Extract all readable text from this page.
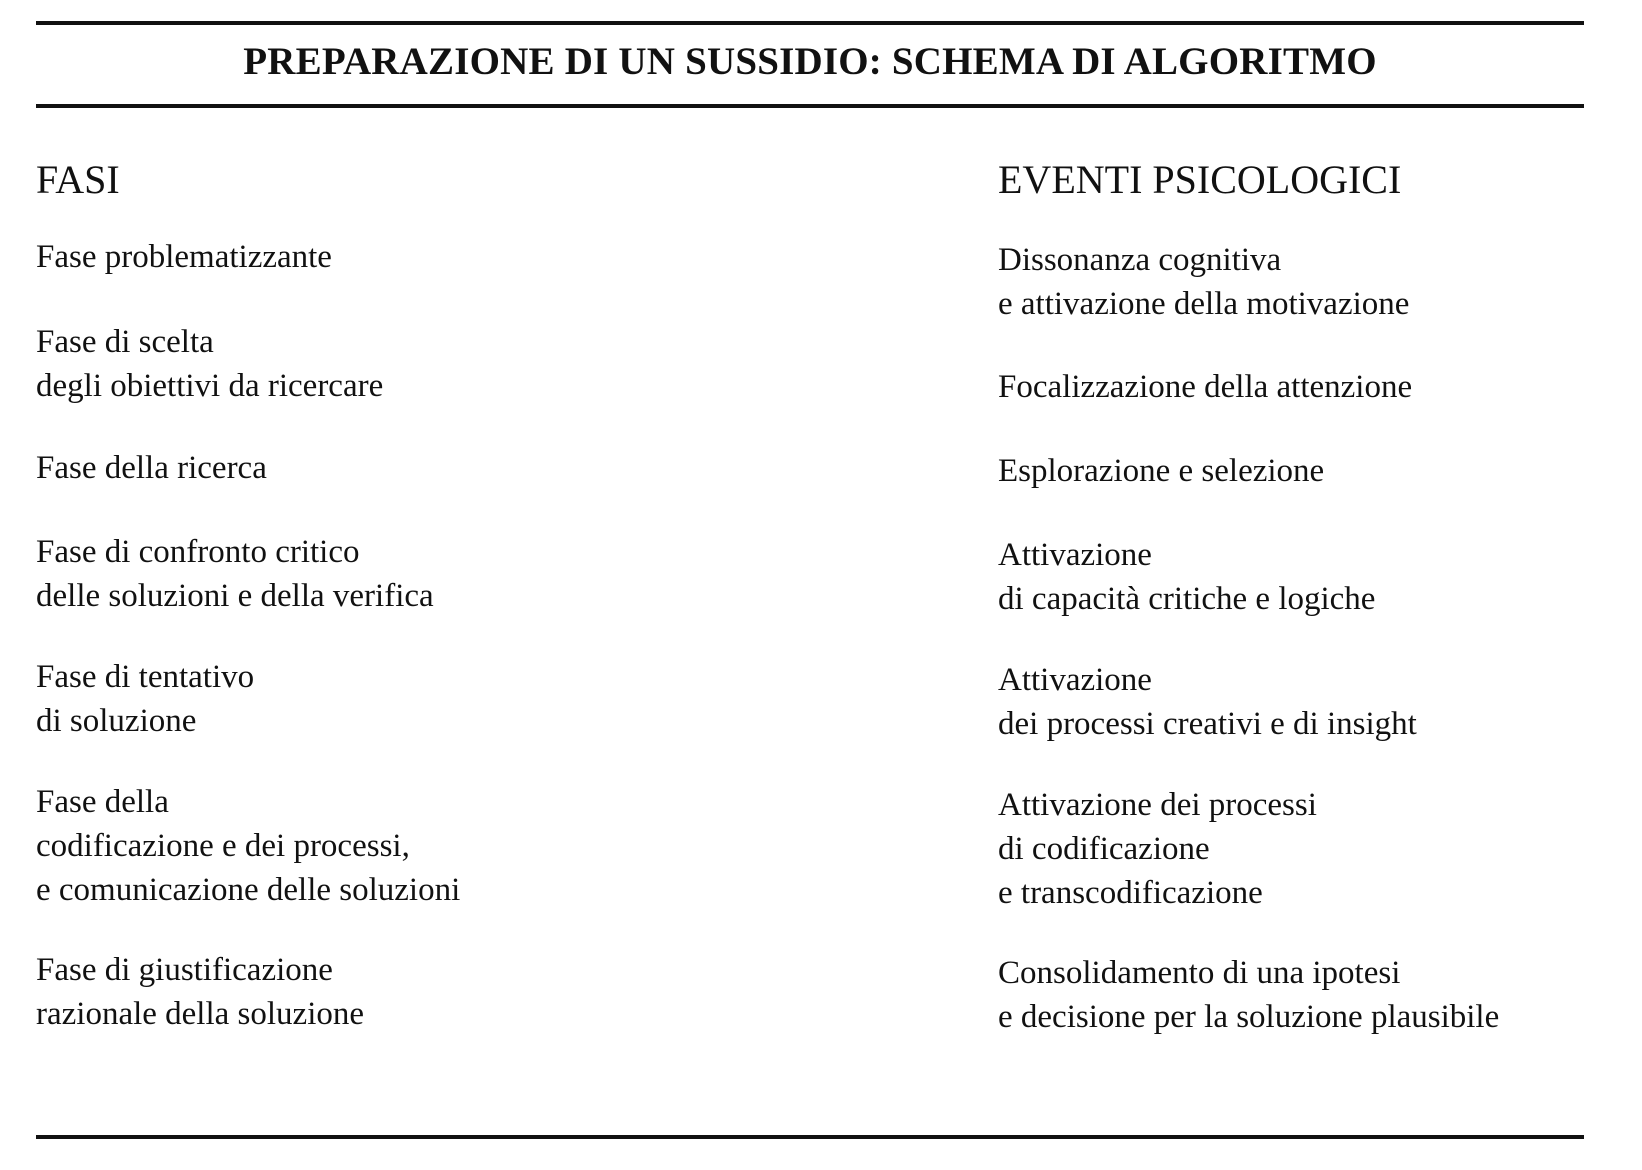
PREPARAZIONE DI UN SUSSIDIO: SCHEMA DI ALGORITMO
FASI	EVENTI PSICOLOGICI
Fase problematizzante
Fase di scelta
degli obiettivi da ricercare
Fase della ricerca
Fase di confronto critico
delle soluzioni e della verifica
Fase di tentativo
di soluzione
Fase della
codificazione e dei processi,
e comunicazione delle soluzioni
Fase di giustificazione
razionale della soluzione
Dissonanza cognitiva
e attivazione della motivazione
Focalizzazione della attenzione
Esplorazione e selezione
Attivazione
di capacità critiche e logiche
Attivazione
dei processi creativi e di insight
Attivazione dei processi
di codificazione
e transcodificazione
Consolidamento di una ipotesi
e decisione per la soluzione plausibile
